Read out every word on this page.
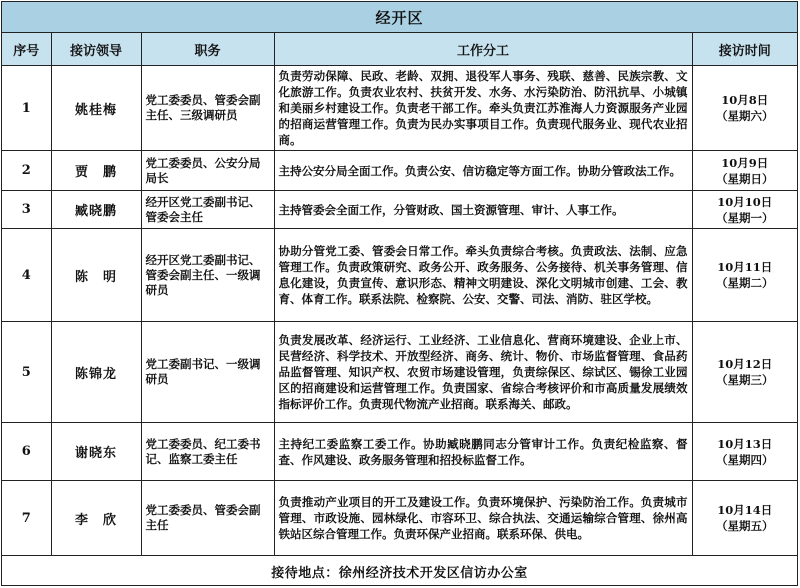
经开区
序号	接访领导	职务	工作分工	接访时间
1	姚桂梅	党工委委员、管委会副主任、三级调研员	负责劳动保障、民政、老龄、双拥、退役军人事务、残联、慈善、民族宗教、文化旅游工作。负责农业农村、扶贫开发、水务、水污染防治、防汛抗旱、小城镇和美丽乡村建设工作。负责老干部工作。牵头负责江苏淮海人力资源服务产业园的招商运营管理工作。负责为民办实事项目工作。负责现代服务业、现代农业招商。	10月8日
（星期六）

2	贾　鹏	党工委委员、公安分局局长	主持公安分局全面工作。负责公安、信访稳定等方面工作。协助分管政法工作。	10月9日
（星期日）

3	臧晓鹏	经开区党工委副书记、管委会主任	主持管委会全面工作，分管财政、国土资源管理、审计、人事工作。	10月10日
（星期一）

4	陈　明	经开区党工委副书记、管委会副主任、一级调研员	协助分管党工委、管委会日常工作。牵头负责综合考核。负责政法、法制、应急管理工作。负责政策研究、政务公开、政务服务、公务接待、机关事务管理、信息化建设，负责宣传、意识形态、精神文明建设、深化文明城市创建、工会、教育、体育工作。联系法院、检察院、公安、交警、司法、消防、驻区学校。	10月11日
（星期二）

5	陈锦龙	党工委副书记、一级调研员	负责发展改革、经济运行、工业经济、工业信息化、营商环境建设、企业上市、民营经济、科学技术、开放型经济、商务、统计、物价、市场监督管理、食品药品监督管理、知识产权、农贸市场建设管理，负责综保区、综试区、锡徐工业园区的招商建设和运营管理工作。负责国家、省综合考核评价和市高质量发展绩效指标评价工作。负责现代物流产业招商。联系海关、邮政。	10月12日
（星期三）

6	谢晓东	党工委委员、纪工委书记、监察工委主任	主持纪工委监察工委工作。协助臧晓鹏同志分管审计工作。负责纪检监察、督查、作风建设、政务服务管理和招投标监督工作。	10月13日
（星期四）

7	李　欣	党工委委员、管委会副主任	负责推动产业项目的开工及建设工作。负责环境保护、污染防治工作。负责城市管理、市政设施、园林绿化、市容环卫、综合执法、交通运输综合管理、徐州高铁站区综合管理工作。负责环保产业招商。联系环保、供电。	10月14日
（星期五）
接待地点： 徐州经济技术开发区信访办公室
